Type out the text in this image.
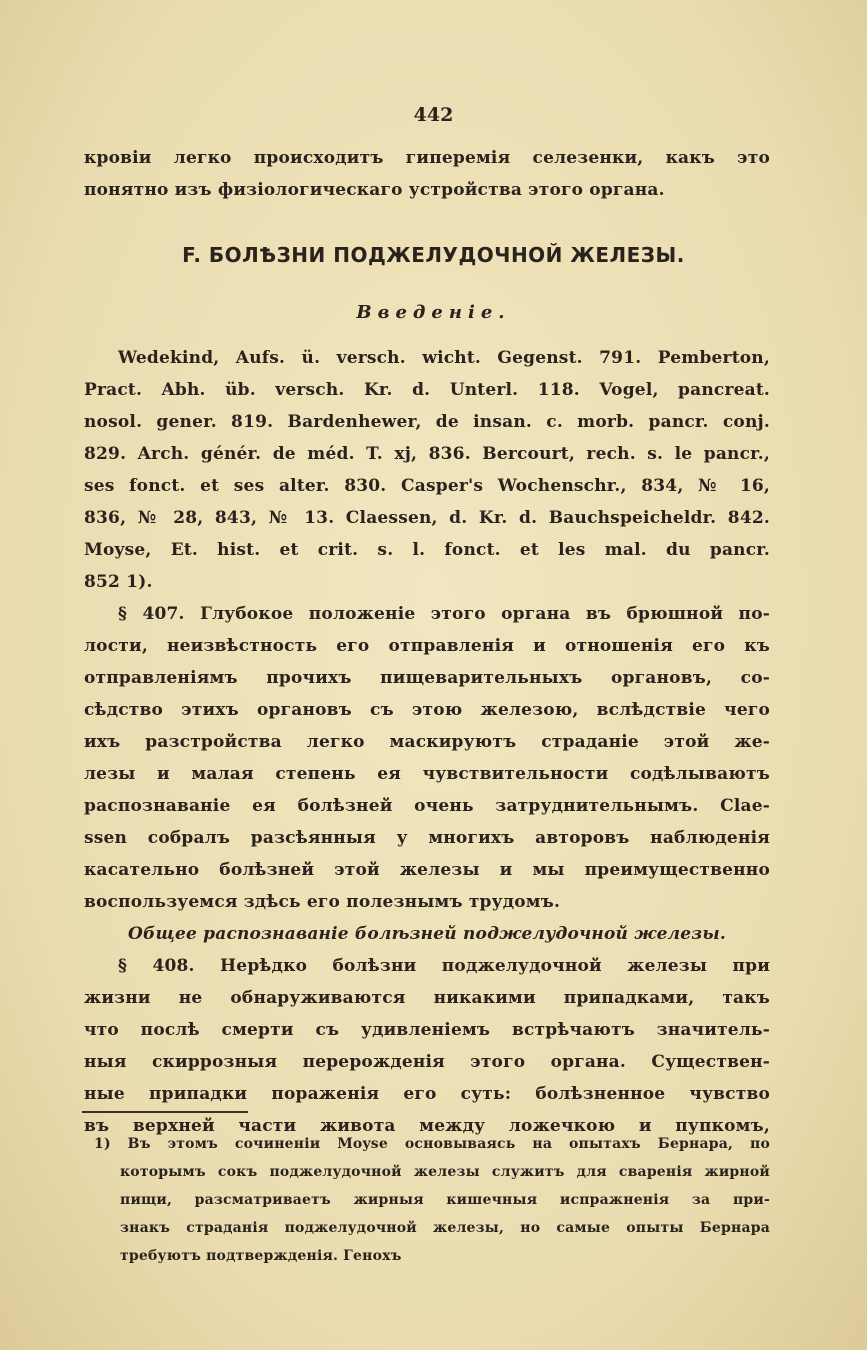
442
кровіи легко происходитъ гиперемія селезенки, какъ это
понятно изъ физіологическаго устройства этого органа.
F. БОЛѢЗНИ ПОДЖЕЛУДОЧНОЙ ЖЕЛЕЗЫ.
Введеніе.
Wedekind, Aufs. ü. versch. wicht. Gegenst. 791. Pemberton,
Pract. Abh. üb. versch. Kr. d. Unterl. 118. Vogel, pancreat.
nosol. gener. 819. Bardenhewer, de insan. c. morb. pancr. conj.
829. Arch. génér. de méd. T. xj, 836. Bercourt, rech. s. le pancr.,
ses fonct. et ses alter. 830. Casper's Wochenschr., 834, № 16,
836, № 28, 843, № 13. Claessen, d. Kr. d. Bauchspeicheldr. 842.
Moyse, Et. hist. et crit. s. l. fonct. et les mal. du pancr.
852 1).
§ 407. Глубокое положеніе этого органа въ брюшной по-
лости, неизвѣстность его отправленія и отношенія его къ
отправленіямъ прочихъ пищеварительныхъ органовъ, со-
сѣдство этихъ органовъ съ этою железою, вслѣдствіе чего
ихъ разстройства легко маскируютъ страданіе этой же-
лезы и малая степень ея чувствительности содѣлываютъ
распознаваніе ея болѣзней очень затруднительнымъ. Claе-
ssen собралъ разсѣянныя у многихъ авторовъ наблюденія
касательно болѣзней этой железы и мы преимущественно
воспользуемся здѣсь его полезнымъ трудомъ.
Общее распознаваніе болѣзней поджелудочной железы.
§ 408. Нерѣдко болѣзни поджелудочной железы при
жизни не обнаруживаются никакими припадками, такъ
что послѣ смерти съ удивленіемъ встрѣчаютъ значитель-
ныя скиррозныя перерожденія этого органа. Существен-
ные припадки пораженія его суть: болѣзненное чувство
въ верхней части живота между ложечкою и пупкомъ,
1) Въ этомъ сочиненіи Moyse основываясь на опытахъ Бернара, по
которымъ сокъ поджелудочной железы служитъ для сваренія жирной
пищи, разсматриваетъ жирныя кишечныя испражненія за при-
знакъ страданія поджелудочной железы, но самые опыты Бернара
требуютъ подтвержденія. Генохъ
